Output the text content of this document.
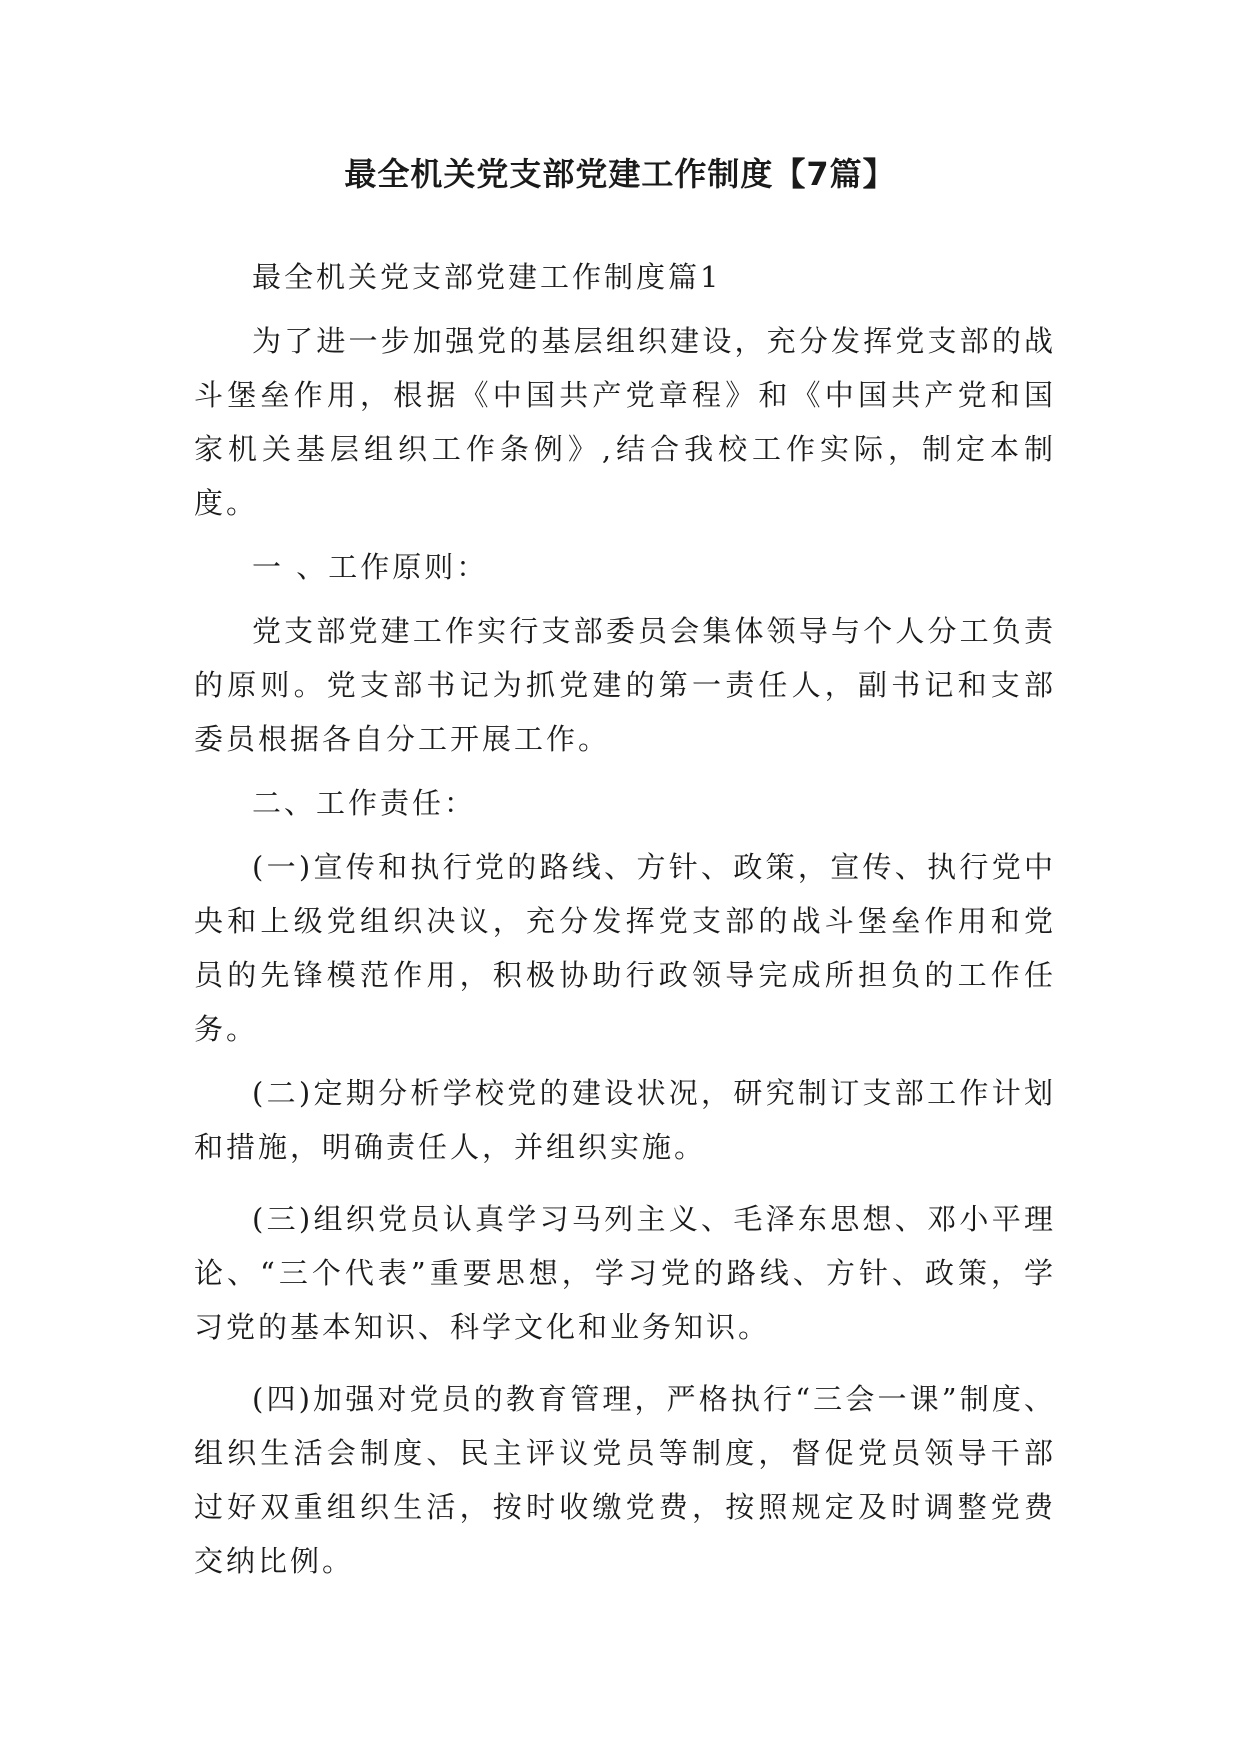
最全机关党支部党建工作制度【7篇】

最全机关党支部党建工作制度篇1

为了进一步加强党的基层组织建设，充分发挥党支部的战斗堡垒作用，根据《中国共产党章程》和《中国共产党和国家机关基层组织工作条例》,结合我校工作实际，制定本制度。

一 、工作原则：

党支部党建工作实行支部委员会集体领导与个人分工负责的原则。党支部书记为抓党建的第一责任人，副书记和支部委员根据各自分工开展工作。

二、工作责任：

(一)宣传和执行党的路线、方针、政策，宣传、执行党中央和上级党组织决议，充分发挥党支部的战斗堡垒作用和党员的先锋模范作用，积极协助行政领导完成所担负的工作任务。

(二)定期分析学校党的建设状况，研究制订支部工作计划和措施，明确责任人，并组织实施。

(三)组织党员认真学习马列主义、毛泽东思想、邓小平理论、“三个代表”重要思想，学习党的路线、方针、政策，学习党的基本知识、科学文化和业务知识。

(四)加强对党员的教育管理，严格执行“三会一课”制度、组织生活会制度、民主评议党员等制度，督促党员领导干部过好双重组织生活，按时收缴党费，按照规定及时调整党费交纳比例。
